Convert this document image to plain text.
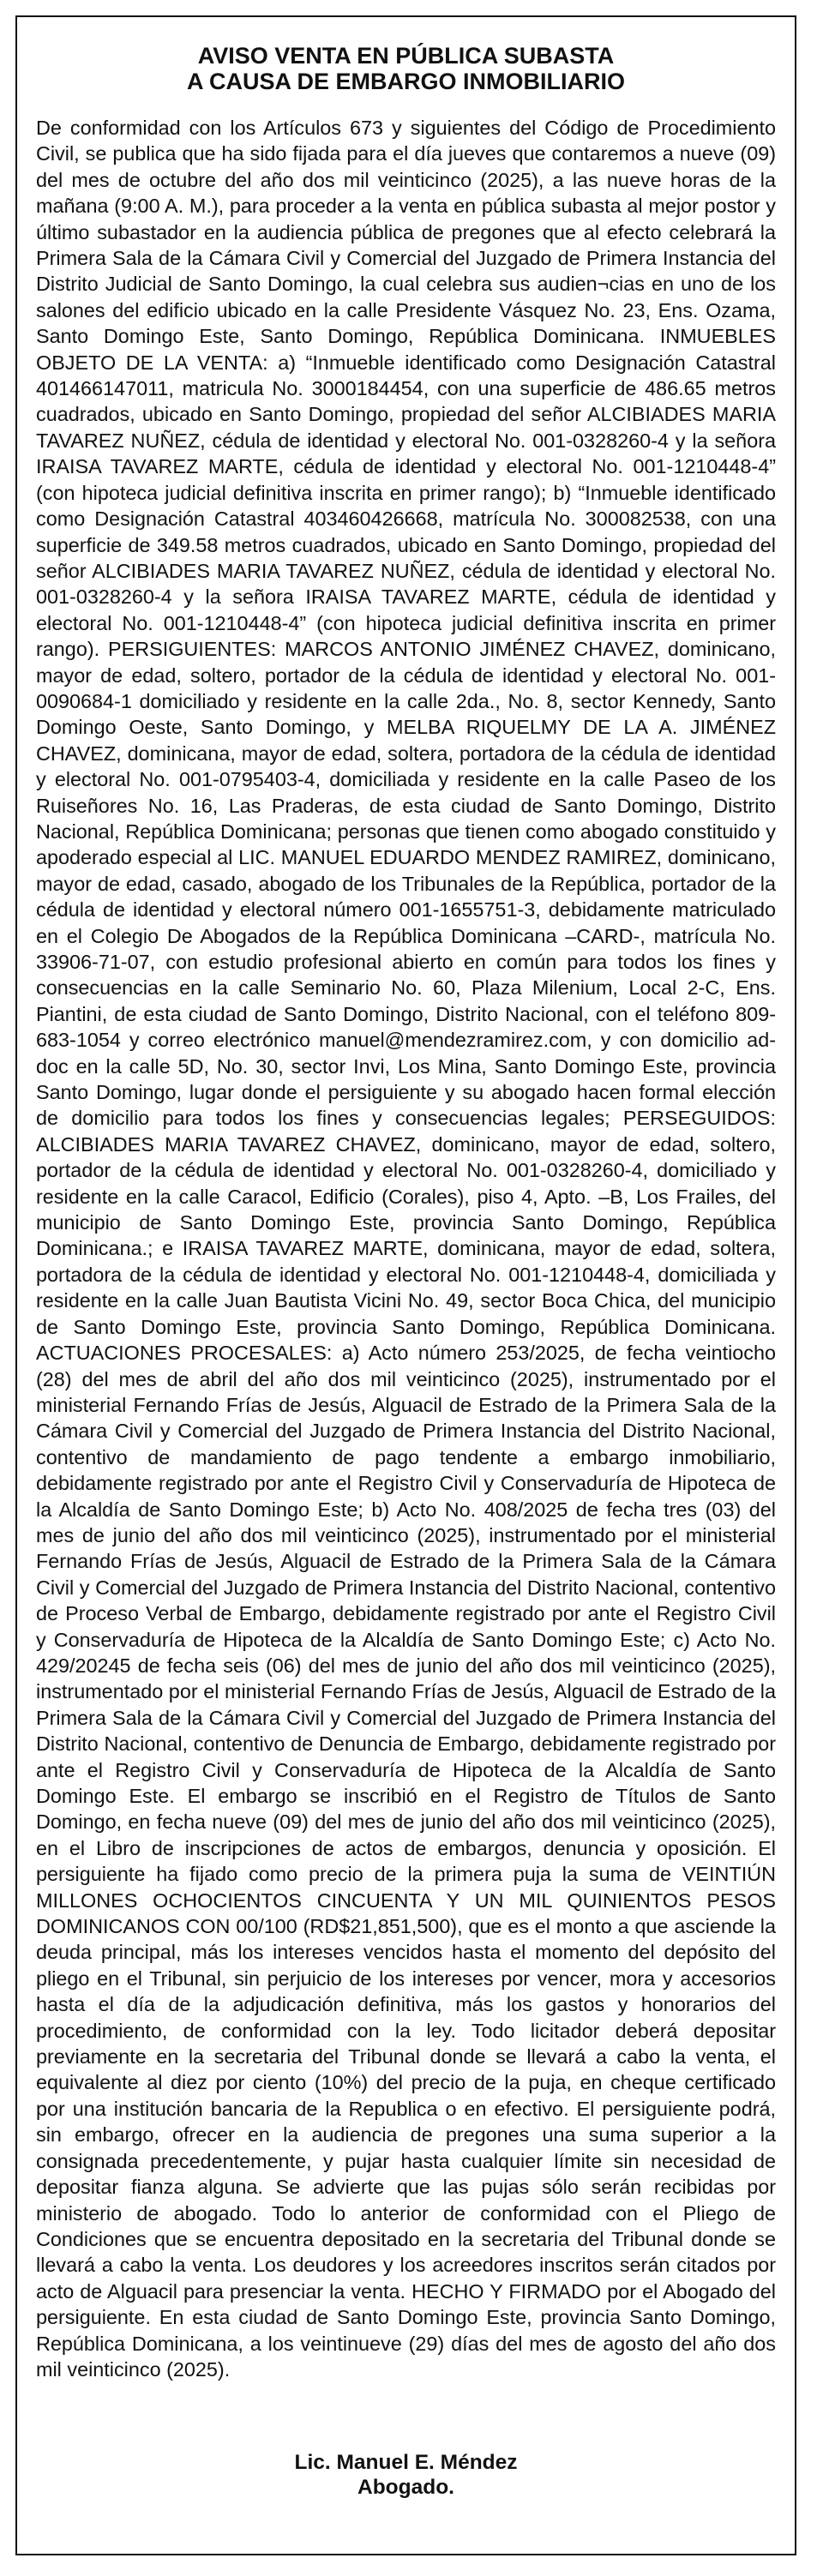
AVISO VENTA EN PÚBLICA SUBASTA
A CAUSA DE EMBARGO INMOBILIARIO

De conformidad con los Artículos 673 y siguientes del Código de Procedimiento Civil, se publica que ha sido fijada para el día jueves que contaremos a nueve (09) del mes de octubre del año dos mil veinticinco (2025), a las nueve horas de la mañana (9:00 A. M.), para proceder a la venta en pública subasta al mejor postor y último subastador en la audiencia pública de pregones que al efecto celebrará la Primera Sala de la Cámara Civil y Comercial del Juzgado de Primera Instancia del Distrito Judicial de Santo Domingo, la cual celebra sus audien¬cias en uno de los salones del edificio ubicado en la calle Presidente Vásquez No. 23, Ens. Ozama, Santo Domingo Este, Santo Domingo, República Dominicana. INMUEBLES OBJETO DE LA VENTA: a) “Inmueble identificado como Designación Catastral 401466147011, matricula No. 3000184454, con una superficie de 486.65 metros cuadrados, ubicado en Santo Domingo, propiedad del señor ALCIBIADES MARIA TAVAREZ NUÑEZ, cédula de identidad y electoral No. 001-0328260-4 y la señora IRAISA TAVAREZ MARTE, cédula de identidad y electoral No. 001-1210448-4” (con hipoteca judicial definitiva inscrita en primer rango); b) “Inmueble identificado como Designación Catastral 403460426668, matrícula No. 300082538, con una superficie de 349.58 metros cuadrados, ubicado en Santo Domingo, propiedad del señor ALCIBIADES MARIA TAVAREZ NUÑEZ, cédula de identidad y electoral No. 001-0328260-4 y la señora IRAISA TAVAREZ MARTE, cédula de identidad y electoral No. 001-1210448-4” (con hipoteca judicial definitiva inscrita en primer rango). PERSIGUIENTES: MARCOS ANTONIO JIMÉNEZ CHAVEZ, dominicano, mayor de edad, soltero, portador de la cédula de identidad y electoral No. 001-0090684-1 domiciliado y residente en la calle 2da., No. 8, sector Kennedy, Santo Domingo Oeste, Santo Domingo, y MELBA RIQUELMY DE LA A. JIMÉNEZ CHAVEZ, dominicana, mayor de edad, soltera, portadora de la cédula de identidad y electoral No. 001-0795403-4, domiciliada y residente en la calle Paseo de los Ruiseñores No. 16, Las Praderas, de esta ciudad de Santo Domingo, Distrito Nacional, República Dominicana; personas que tienen como abogado constituido y apoderado especial al LIC. MANUEL EDUARDO MENDEZ RAMIREZ, dominicano, mayor de edad, casado, abogado de los Tribunales de la República, portador de la cédula de identidad y electoral número 001-1655751-3, debidamente matriculado en el Colegio De Abogados de la República Dominicana –CARD-, matrícula No. 33906-71-07, con estudio profesional abierto en común para todos los fines y consecuencias en la calle Seminario No. 60, Plaza Milenium, Local 2-C, Ens. Piantini, de esta ciudad de Santo Domingo, Distrito Nacional, con el teléfono 809-683-1054 y correo electrónico manuel@mendezramirez.com, y con domicilio ad-doc en la calle 5D, No. 30, sector Invi, Los Mina, Santo Domingo Este, provincia Santo Domingo, lugar donde el persiguiente y su abogado hacen formal elección de domicilio para todos los fines y consecuencias legales; PERSEGUIDOS: ALCIBIADES MARIA TAVAREZ CHAVEZ, dominicano, mayor de edad, soltero, portador de la cédula de identidad y electoral No. 001-0328260-4, domiciliado y residente en la calle Caracol, Edificio (Corales), piso 4, Apto. –B, Los Frailes, del municipio de Santo Domingo Este, provincia Santo Domingo, República Dominicana.; e IRAISA TAVAREZ MARTE, dominicana, mayor de edad, soltera, portadora de la cédula de identidad y electoral No. 001-1210448-4, domiciliada y residente en la calle Juan Bautista Vicini No. 49, sector Boca Chica, del municipio de Santo Domingo Este, provincia Santo Domingo, República Dominicana. ACTUACIONES PROCESALES: a) Acto número 253/2025, de fecha veintiocho (28) del mes de abril del año dos mil veinticinco (2025), instrumentado por el ministerial Fernando Frías de Jesús, Alguacil de Estrado de la Primera Sala de la Cámara Civil y Comercial del Juzgado de Primera Instancia del Distrito Nacional, contentivo de mandamiento de pago tendente a embargo inmobiliario, debidamente registrado por ante el Registro Civil y Conservaduría de Hipoteca de la Alcaldía de Santo Domingo Este; b) Acto No. 408/2025 de fecha tres (03) del mes de junio del año dos mil veinticinco (2025), instrumentado por el ministerial Fernando Frías de Jesús, Alguacil de Estrado de la Primera Sala de la Cámara Civil y Comercial del Juzgado de Primera Instancia del Distrito Nacional, contentivo de Proceso Verbal de Embargo, debidamente registrado por ante el Registro Civil y Conservaduría de Hipoteca de la Alcaldía de Santo Domingo Este; c) Acto No. 429/20245 de fecha seis (06) del mes de junio del año dos mil veinticinco (2025), instrumentado por el ministerial Fernando Frías de Jesús, Alguacil de Estrado de la Primera Sala de la Cámara Civil y Comercial del Juzgado de Primera Instancia del Distrito Nacional, contentivo de Denuncia de Embargo, debidamente registrado por ante el Registro Civil y Conservaduría de Hipoteca de la Alcaldía de Santo Domingo Este. El embargo se inscribió en el Registro de Títulos de Santo Domingo, en fecha nueve (09) del mes de junio del año dos mil veinticinco (2025), en el Libro de inscripciones de actos de embargos, denuncia y oposición. El persiguiente ha fijado como precio de la primera puja la suma de VEINTIÚN MILLONES OCHOCIENTOS CINCUENTA Y UN MIL QUINIENTOS PESOS DOMINICANOS CON 00/100 (RD$21,851,500), que es el monto a que asciende la deuda principal, más los intereses vencidos hasta el momento del depósito del pliego en el Tribunal, sin perjuicio de los intereses por vencer, mora y accesorios hasta el día de la adjudicación definitiva, más los gastos y honorarios del procedimiento, de conformidad con la ley. Todo licitador deberá depositar previamente en la secretaria del Tribunal donde se llevará a cabo la venta, el equivalente al diez por ciento (10%) del precio de la puja, en cheque certificado por una institución bancaria de la Republica o en efectivo. El persiguiente podrá, sin embargo, ofrecer en la audiencia de pregones una suma superior a la consignada precedentemente, y pujar hasta cualquier límite sin necesidad de depositar fianza alguna. Se advierte que las pujas sólo serán recibidas por ministerio de abogado. Todo lo anterior de conformidad con el Pliego de Condiciones que se encuentra depositado en la secretaria del Tribunal donde se llevará a cabo la venta. Los deudores y los acreedores inscritos serán citados por acto de Alguacil para presenciar la venta. HECHO Y FIRMADO por el Abogado del persiguiente. En esta ciudad de Santo Domingo Este, provincia Santo Domingo, República Dominicana, a los veintinueve (29) días del mes de agosto del año dos mil veinticinco (2025).

Lic. Manuel E. Méndez
Abogado.
